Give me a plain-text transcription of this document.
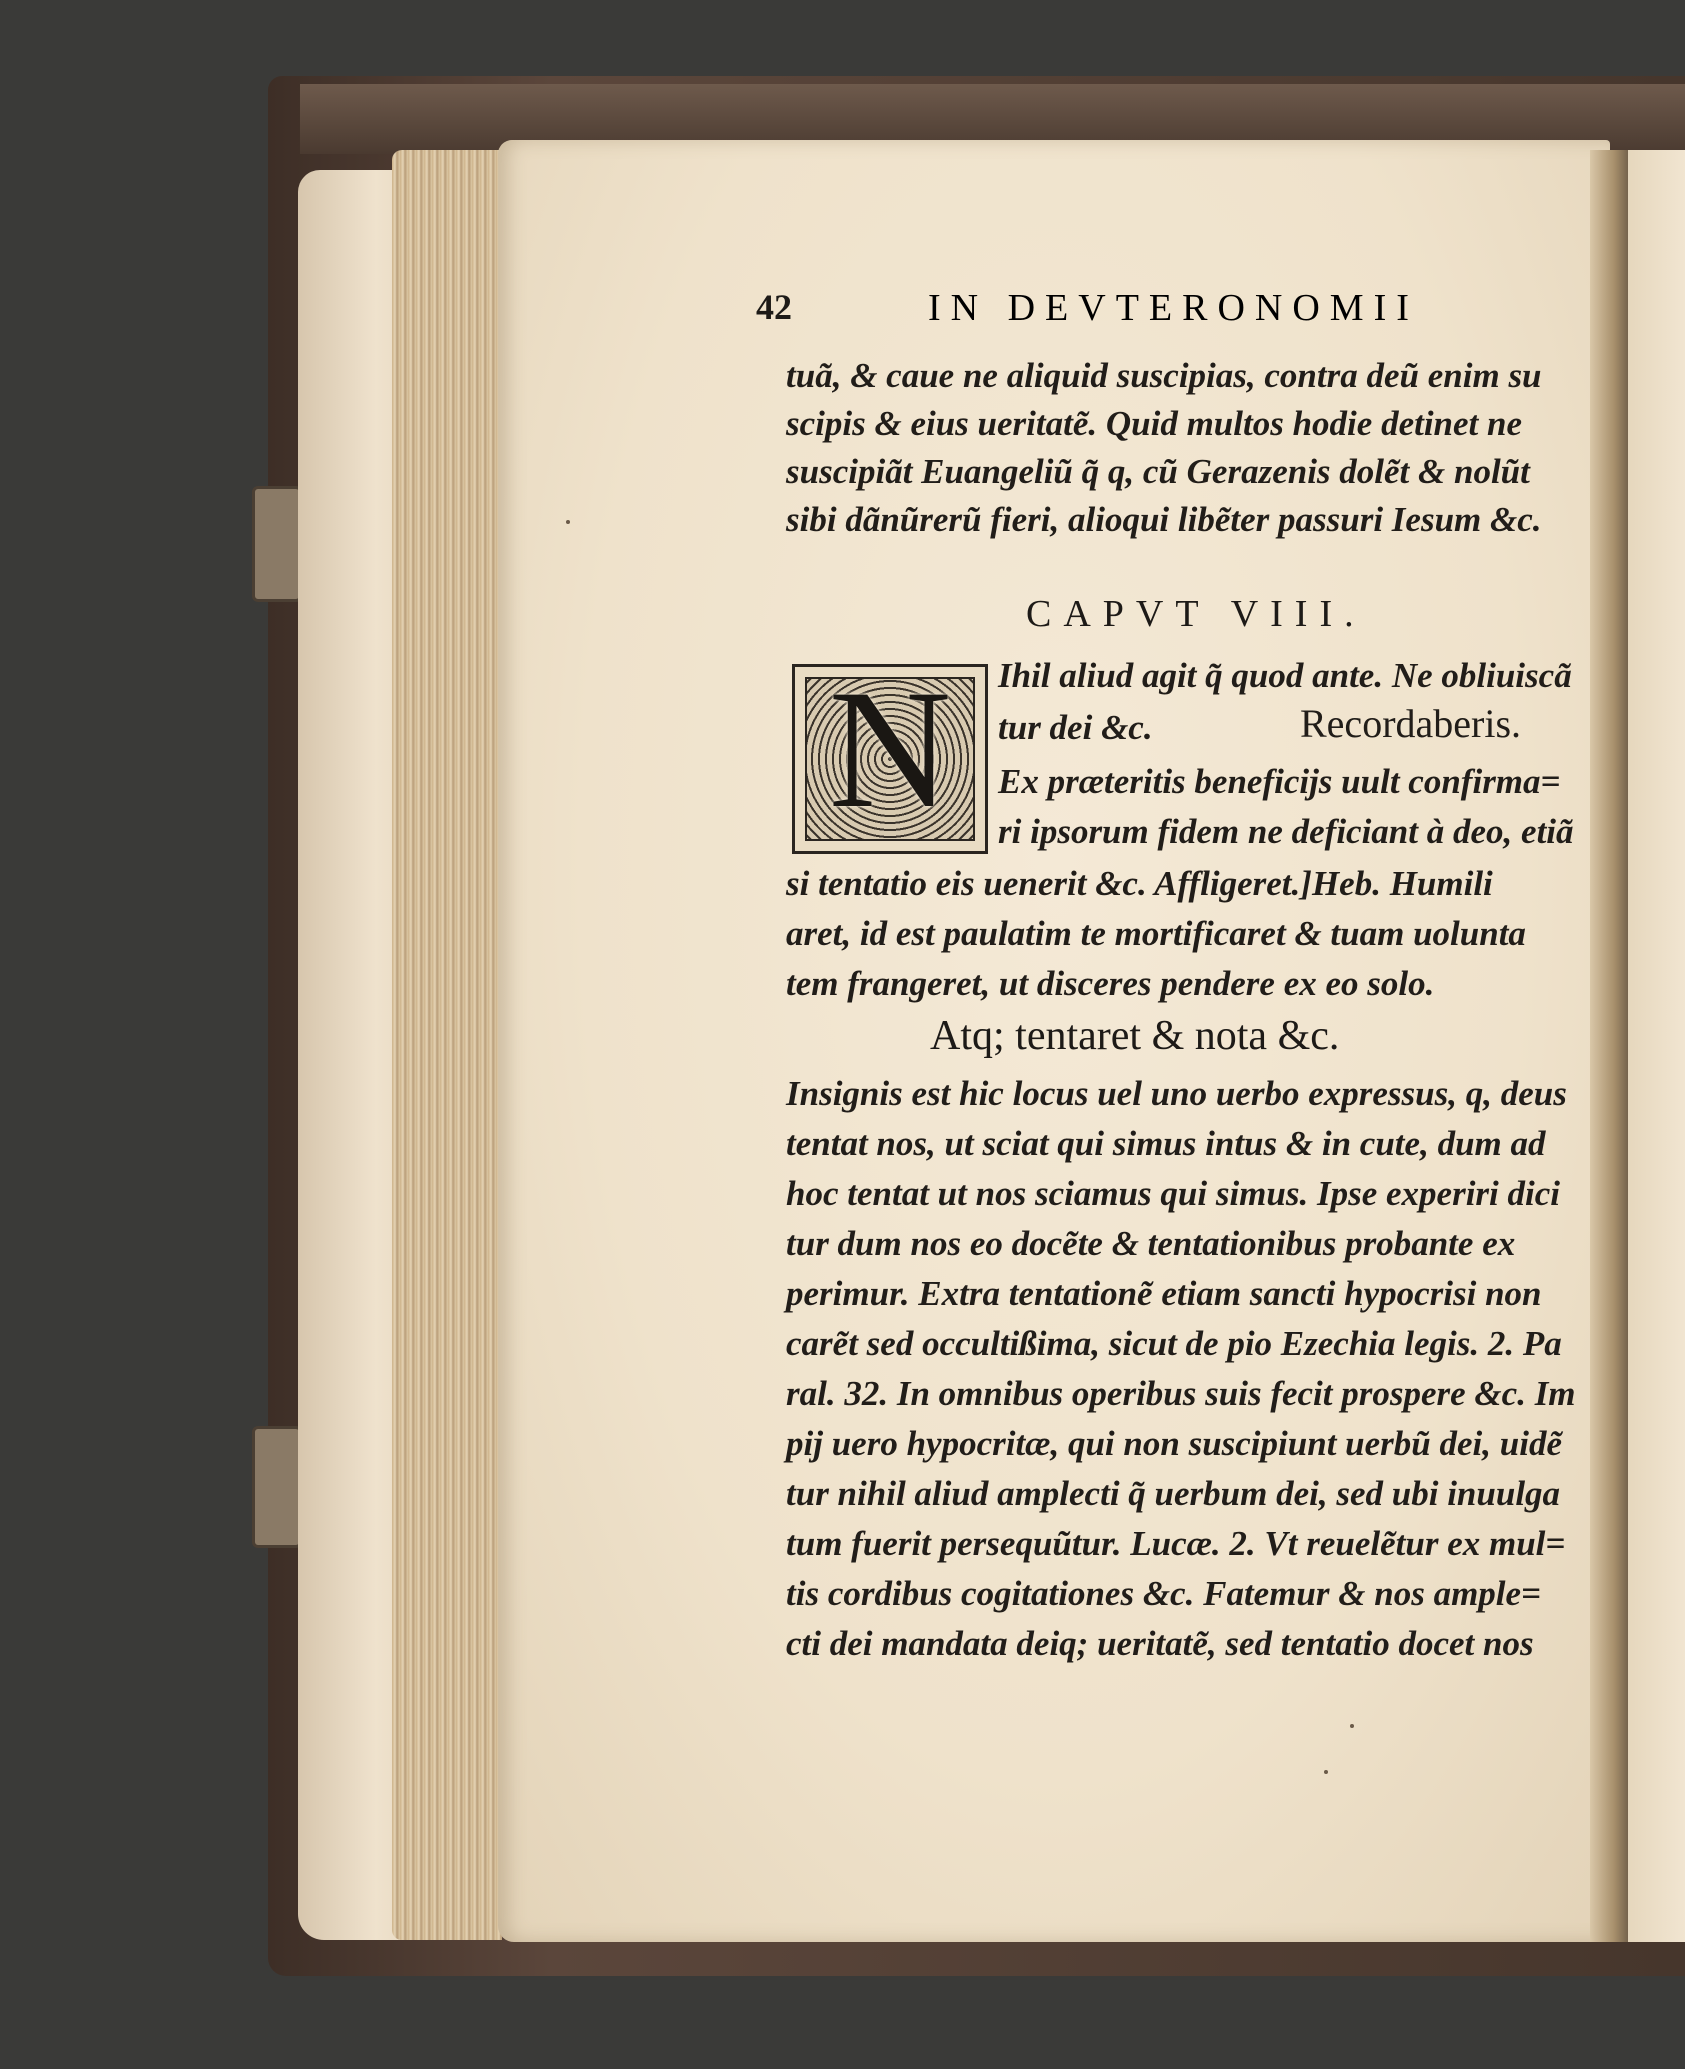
42	IN DEVTERONOMII
tuã, & caue ne aliquid suscipias, contra deũ enim su
scipis & eius ueritatẽ. Quid multos hodie detinet ne
suscipiãt Euangeliũ q̃ q, cũ Gerazenis dolẽt & nolũt
sibi dãnũrerũ fieri, alioqui libẽter passuri Iesum &c.
CAPVT VIII.
N	Ihil aliud agit q̃ quod ante. Ne obliuiscã
tur dei &c.	Recordaberis.
Ex præteritis beneficijs uult confirma=
ri ipsorum fidem ne deficiant à deo, etiã
si tentatio eis uenerit &c. Affligeret.]Heb. Humili
aret, id est paulatim te mortificaret & tuam uolunta
tem frangeret, ut disceres pendere ex eo solo.
Atq; tentaret & nota &c.
Insignis est hic locus uel uno uerbo expressus, q, deus
tentat nos, ut sciat qui simus intus & in cute, dum ad
hoc tentat ut nos sciamus qui simus. Ipse experiri dici
tur dum nos eo docẽte & tentationibus probante ex
perimur. Extra tentationẽ etiam sancti hypocrisi non
carẽt sed occultißima, sicut de pio Ezechia legis. 2. Pa
ral. 32. In omnibus operibus suis fecit prospere &c. Im
pij uero hypocritæ, qui non suscipiunt uerbũ dei, uidẽ
tur nihil aliud amplecti q̃ uerbum dei, sed ubi inuulga
tum fuerit persequũtur. Lucæ. 2. Vt reuelẽtur ex mul=
tis cordibus cogitationes &c. Fatemur & nos ample=
cti dei mandata deiq; ueritatẽ, sed tentatio docet nos
